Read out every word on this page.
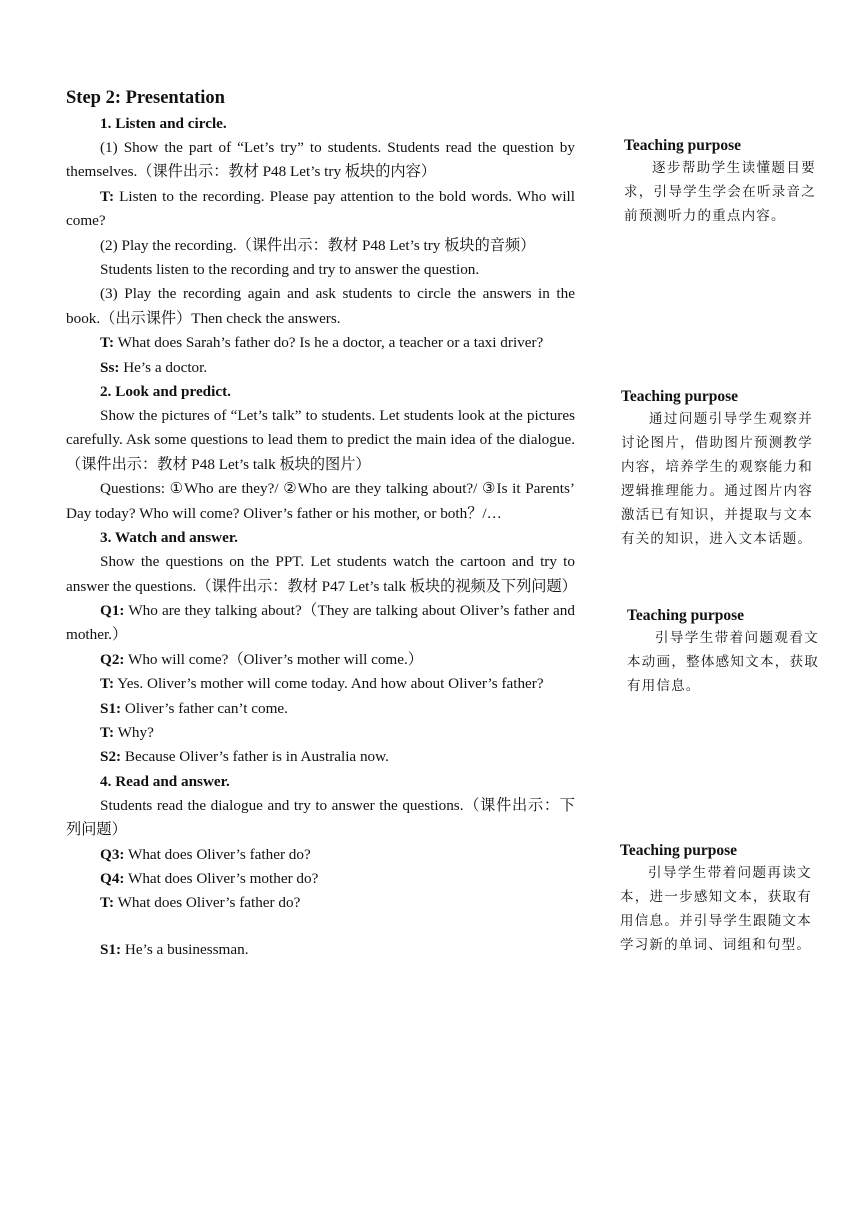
Step 2: Presentation
1. Listen and circle.
(1) Show the part of “Let’s try” to students. Students read the question by themselves.（课件出示：教材 P48 Let’s try 板块的内容）
T: Listen to the recording. Please pay attention to the bold words. Who will come?
(2) Play the recording.（课件出示：教材 P48 Let’s try 板块的音频）
Students listen to the recording and try to answer the question.
(3) Play the recording again and ask students to circle the answers in the book.（出示课件）Then check the answers.
T: What does Sarah’s father do? Is he a doctor, a teacher or a taxi driver?
Ss: He’s a doctor.
2. Look and predict.
Show the pictures of “Let’s talk” to students. Let students look at the pictures carefully. Ask some questions to lead them to predict the main idea of the dialogue.（课件出示：教材 P48 Let’s talk 板块的图片）
Questions: ①Who are they?/ ②Who are they talking about?/ ③Is it Parents’ Day today? Who will come? Oliver’s father or his mother, or both？/…
3. Watch and answer.
Show the questions on the PPT. Let students watch the cartoon and try to answer the questions.（课件出示：教材 P47 Let’s talk 板块的视频及下列问题）
Q1: Who are they talking about?（They are talking about Oliver’s father and mother.）
Q2: Who will come?（Oliver’s mother will come.）
T: Yes. Oliver’s mother will come today. And how about Oliver’s father?
S1: Oliver’s father can’t come.
T: Why?
S2: Because Oliver’s father is in Australia now.
4. Read and answer.
Students read the dialogue and try to answer the questions.（课件出示：下列问题）
Q3: What does Oliver’s father do?
Q4: What does Oliver’s mother do?
T: What does Oliver’s father do?
S1: He’s a businessman.
Teaching purpose
逐步帮助学生读懂题目要求，引导学生学会在听录音之前预测听力的重点内容。
Teaching purpose
通过问题引导学生观察并讨论图片，借助图片预测教学内容，培养学生的观察能力和逻辑推理能力。通过图片内容激活已有知识，并提取与文本有关的知识，进入文本话题。
Teaching purpose
引导学生带着问题观看文本动画，整体感知文本，获取有用信息。
Teaching purpose
引导学生带着问题再读文本，进一步感知文本，获取有用信息。并引导学生跟随文本学习新的单词、词组和句型。
